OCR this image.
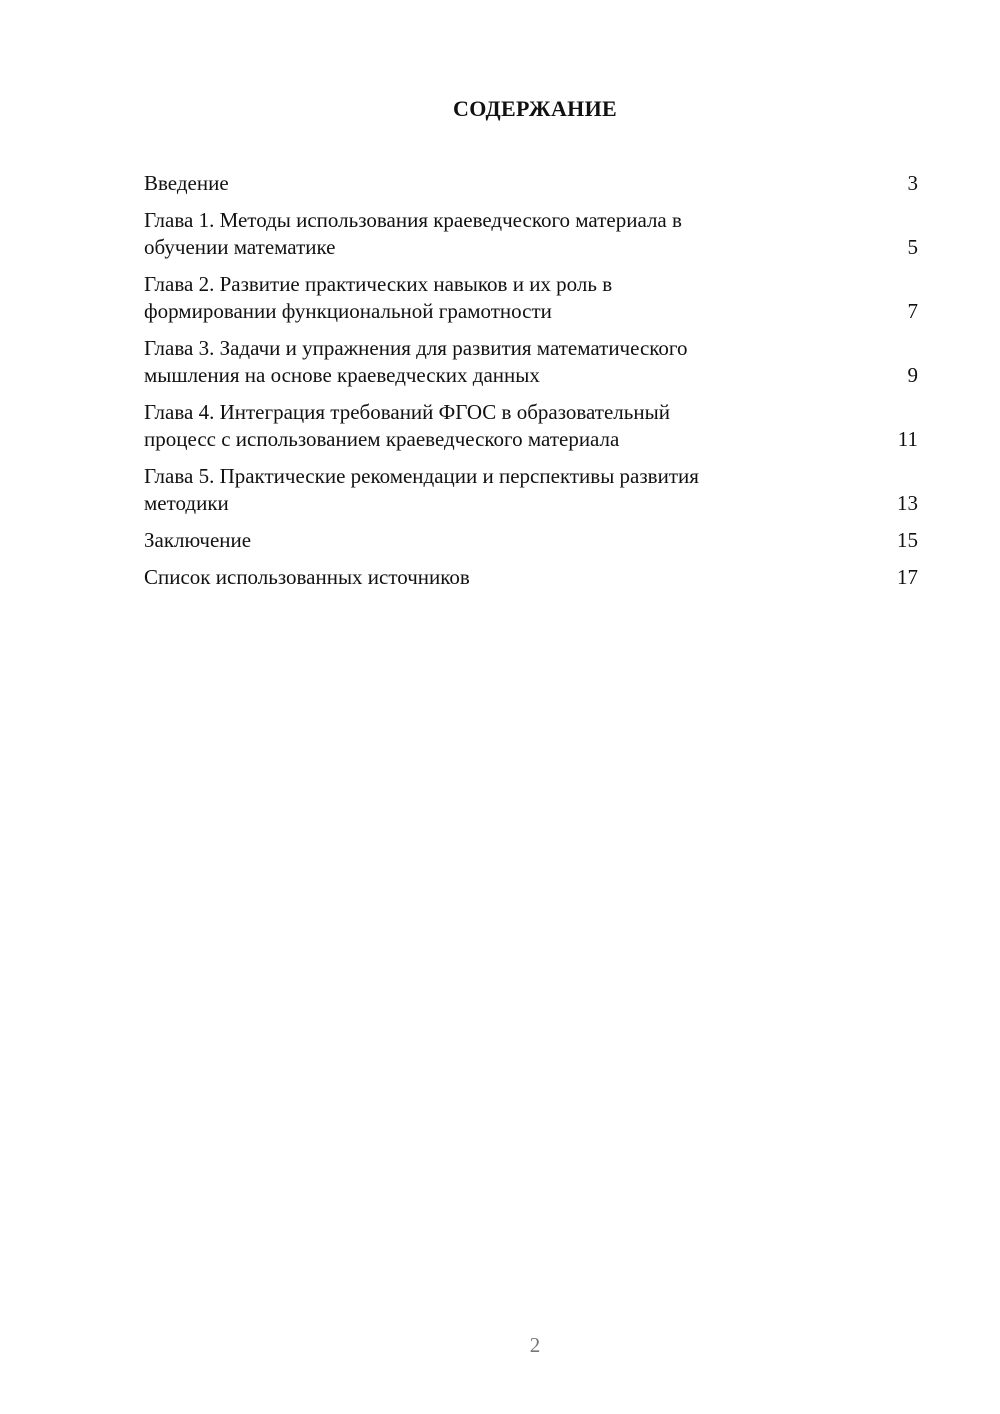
СОДЕРЖАНИЕ
Введение	3
Глава 1. Методы использования краеведческого материала в
обучении математике	5
Глава 2. Развитие практических навыков и их роль в
формировании функциональной грамотности	7
Глава 3. Задачи и упражнения для развития математического
мышления на основе краеведческих данных	9
Глава 4. Интеграция требований ФГОС в образовательный
процесс с использованием краеведческого материала	11
Глава 5. Практические рекомендации и перспективы развития
методики	13
Заключение	15
Список использованных источников	17
2
